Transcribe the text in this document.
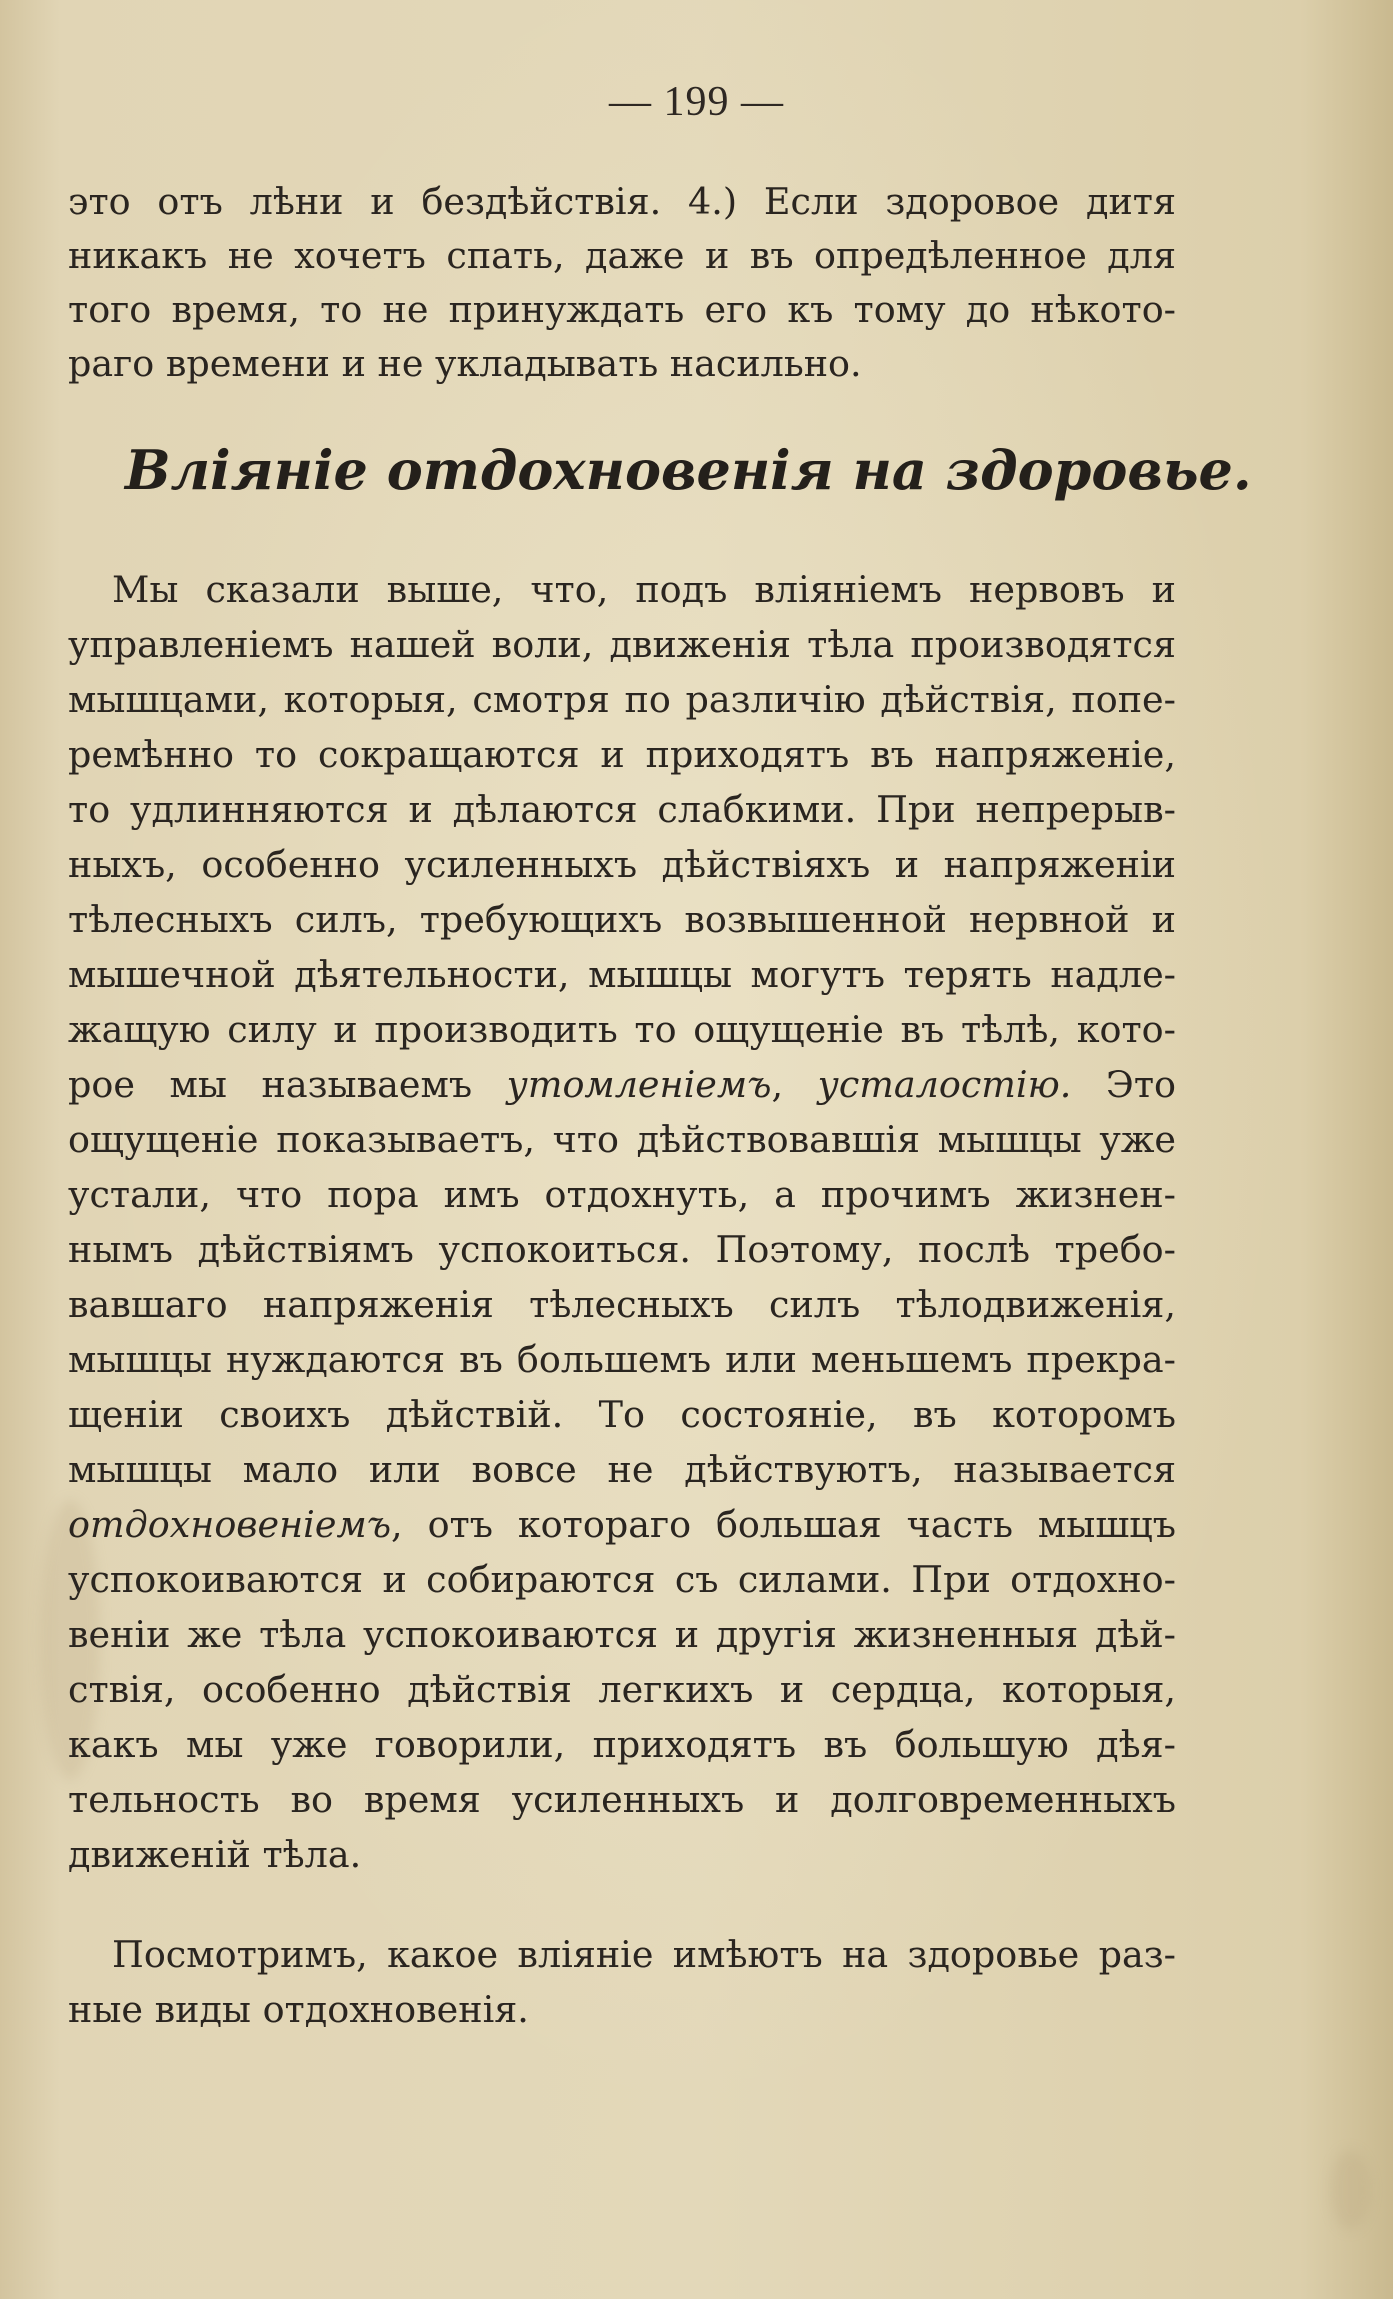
— 199 —
это отъ лѣни и бездѣйствія. 4.) Если здоровое дитя
никакъ не хочетъ спать, даже и въ опредѣленное для
того время, то не принуждать его къ тому до нѣкото-
раго времени и не укладывать насильно.
Вліяніе отдохновенія на здоровье.
Мы сказали выше, что, подъ вліяніемъ нервовъ и
управленіемъ нашей воли, движенія тѣла производятся
мышцами, которыя, смотря по различію дѣйствія, попе-
ремѣнно то сокращаются и приходятъ въ напряженіе,
то удлинняются и дѣлаются слабкими. При непрерыв-
ныхъ, особенно усиленныхъ дѣйствіяхъ и напряженіи
тѣлесныхъ силъ, требующихъ возвышенной нервной и
мышечной дѣятельности, мышцы могутъ терять надле-
жащую силу и производить то ощущеніе въ тѣлѣ, кото-
рое мы называемъ утомленіемъ, усталостію. Это
ощущеніе показываетъ, что дѣйствовавшія мышцы уже
устали, что пора имъ отдохнуть, а прочимъ жизнен-
нымъ дѣйствіямъ успокоиться. Поэтому, послѣ требо-
вавшаго напряженія тѣлесныхъ силъ тѣлодвиженія,
мышцы нуждаются въ большемъ или меньшемъ прекра-
щеніи своихъ дѣйствій. То состояніе, въ которомъ
мышцы мало или вовсе не дѣйствуютъ, называется
отдохновеніемъ, отъ котораго большая часть мышцъ
успокоиваются и собираются съ силами. При отдохно-
веніи же тѣла успокоиваются и другія жизненныя дѣй-
ствія, особенно дѣйствія легкихъ и сердца, которыя,
какъ мы уже говорили, приходятъ въ большую дѣя-
тельность во время усиленныхъ и долговременныхъ
движеній тѣла.
Посмотримъ, какое вліяніе имѣютъ на здоровье раз-
ные виды отдохновенія.
